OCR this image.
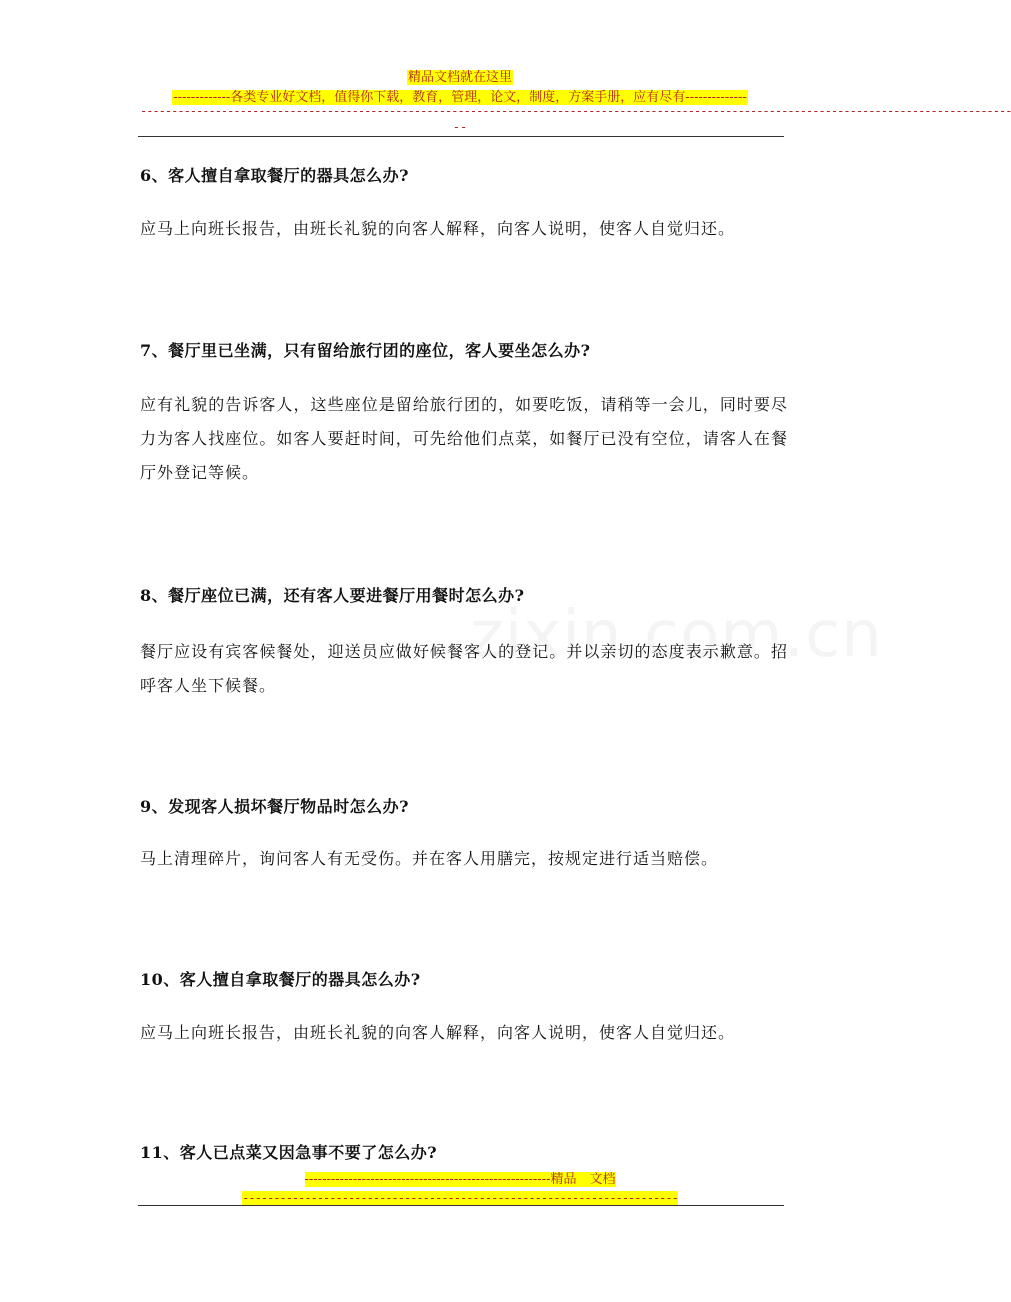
精品文档就在这里
-------------各类专业好文档，值得你下载，教育，管理，论文，制度，方案手册，应有尽有--------------
--------------------------------------------------------------------------------------------------------------------------------------------
--
6、客人擅自拿取餐厅的器具怎么办?
应马上向班长报告，由班长礼貌的向客人解释，向客人说明，使客人自觉归还。
7、餐厅里已坐满，只有留给旅行团的座位，客人要坐怎么办?
应有礼貌的告诉客人，这些座位是留给旅行团的，如要吃饭，请稍等一会儿，同时要尽力为客人找座位。如客人要赶时间，可先给他们点菜，如餐厅已没有空位，请客人在餐厅外登记等候。
8、餐厅座位已满，还有客人要进餐厅用餐时怎么办?
餐厅应设有宾客候餐处，迎送员应做好候餐客人的登记。并以亲切的态度表示歉意。招呼客人坐下候餐。
9、发现客人损坏餐厅物品时怎么办?
马上清理碎片，询问客人有无受伤。并在客人用膳完，按规定进行适当赔偿。
10、客人擅自拿取餐厅的器具怎么办?
应马上向班长报告，由班长礼貌的向客人解释，向客人说明，使客人自觉归还。
11、客人已点菜又因急事不要了怎么办?
--------------------------------------------------------精品　文档
----------------------------------------------------------------------
